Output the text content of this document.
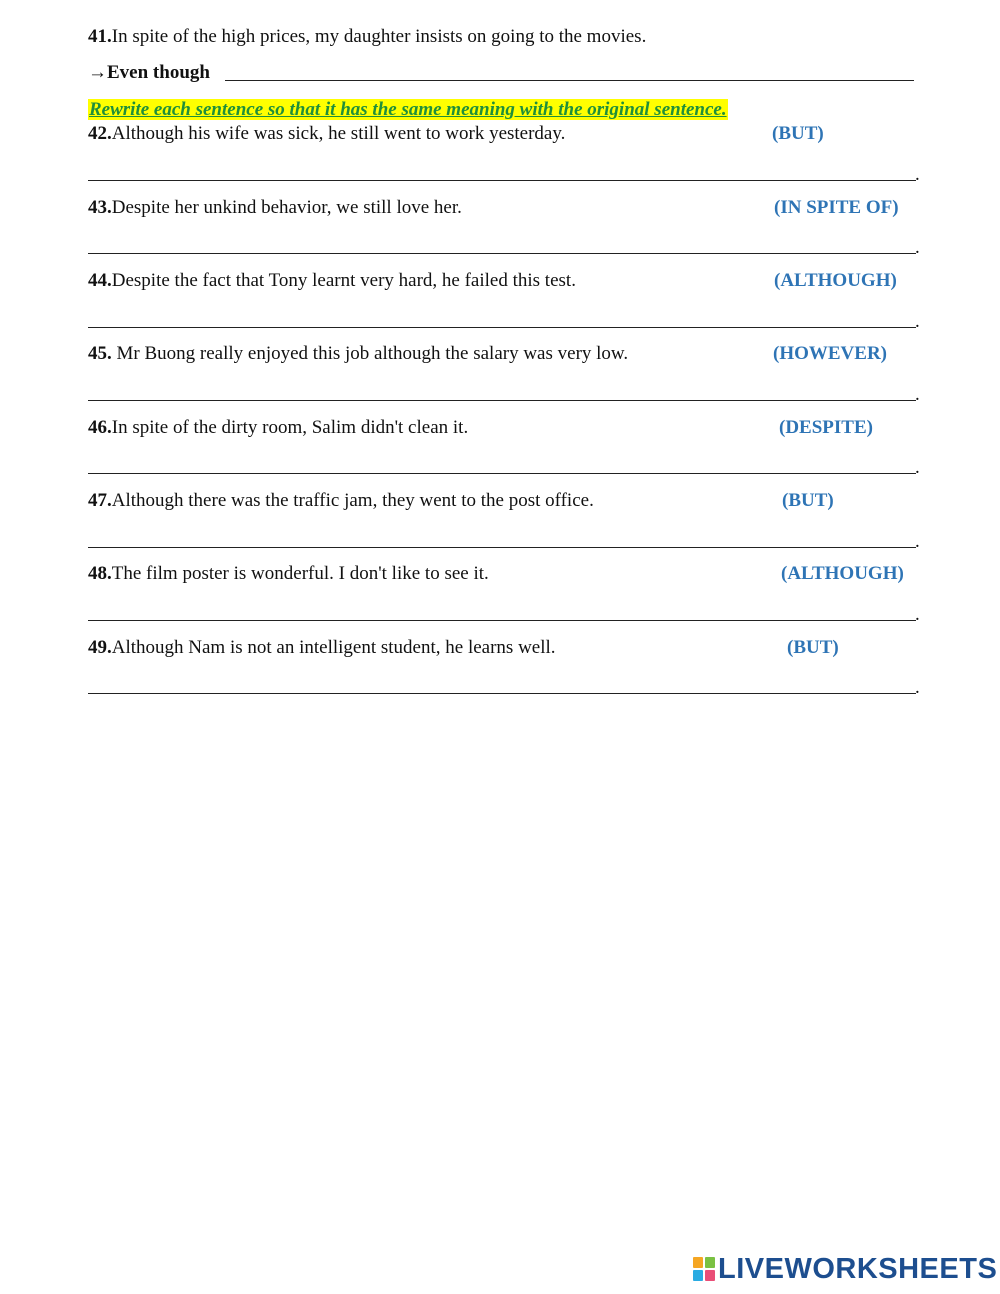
41.In spite of the high prices, my daughter insists on going to the movies.
→Even though
Rewrite each sentence so that it has the same meaning with the original sentence.
42.Although his wife was sick, he still went to work yesterday.	(BUT)
.
43.Despite her unkind behavior, we still love her.	(IN SPITE OF)
.
44.Despite the fact that Tony learnt very hard, he failed this test.	(ALTHOUGH)
.
45. Mr Buong really enjoyed this job although the salary was very low.	(HOWEVER)
.
46.In spite of the dirty room, Salim didn't clean it.	(DESPITE)
.
47.Although there was the traffic jam, they went to the post office.	(BUT)
.
48.The film poster is wonderful. I don't like to see it.	(ALTHOUGH)
.
49.Although Nam is not an intelligent student, he learns well.	(BUT)
.
LIVEWORKSHEETS
